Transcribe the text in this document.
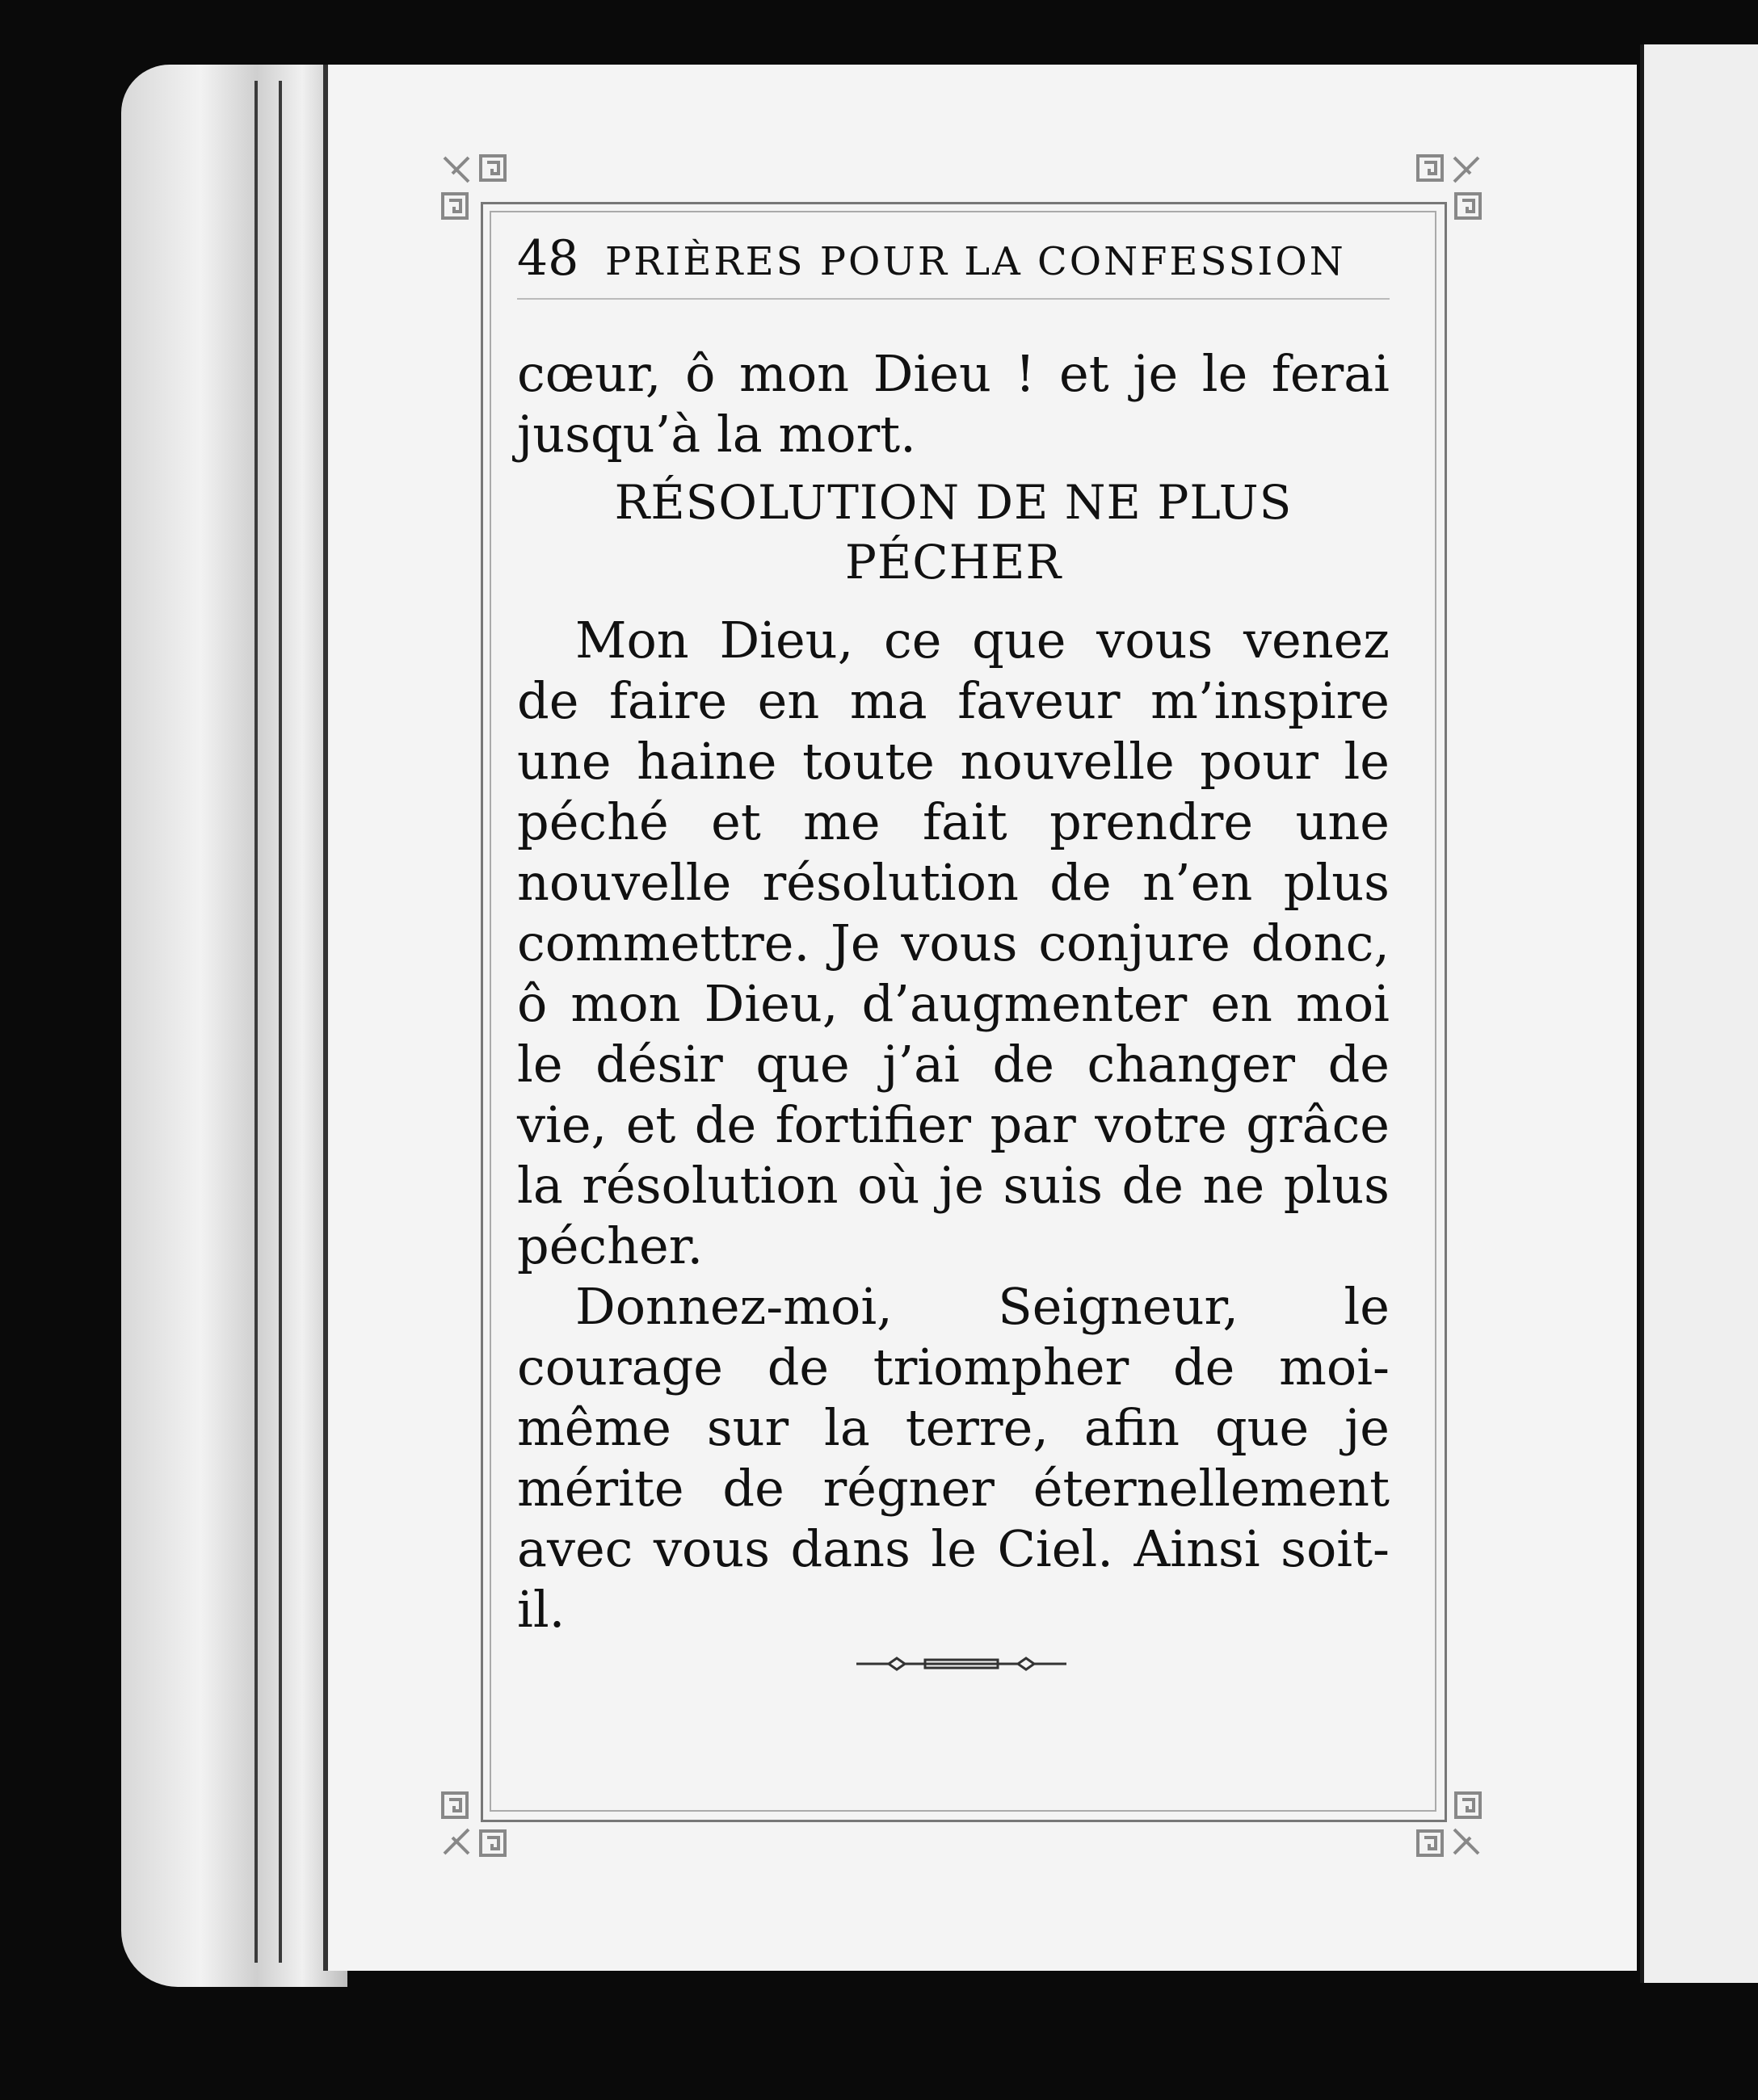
48 PRIÈRES POUR LA CONFESSION

cœur, ô mon Dieu ! et je le ferai jusqu’à la mort.

RÉSOLUTION DE NE PLUS
PÉCHER

Mon Dieu, ce que vous venez de faire en ma faveur m’inspire une haine toute nouvelle pour le péché et me fait prendre une nouvelle résolution de n’en plus commettre. Je vous conjure donc, ô mon Dieu, d’augmenter en moi le désir que j’ai de changer de vie, et de fortifier par votre grâce la résolution où je suis de ne plus pécher.

Donnez-moi, Seigneur, le courage de triompher de moi-même sur la terre, afin que je mérite de régner éternellement avec vous dans le Ciel. Ainsi soit-il.
